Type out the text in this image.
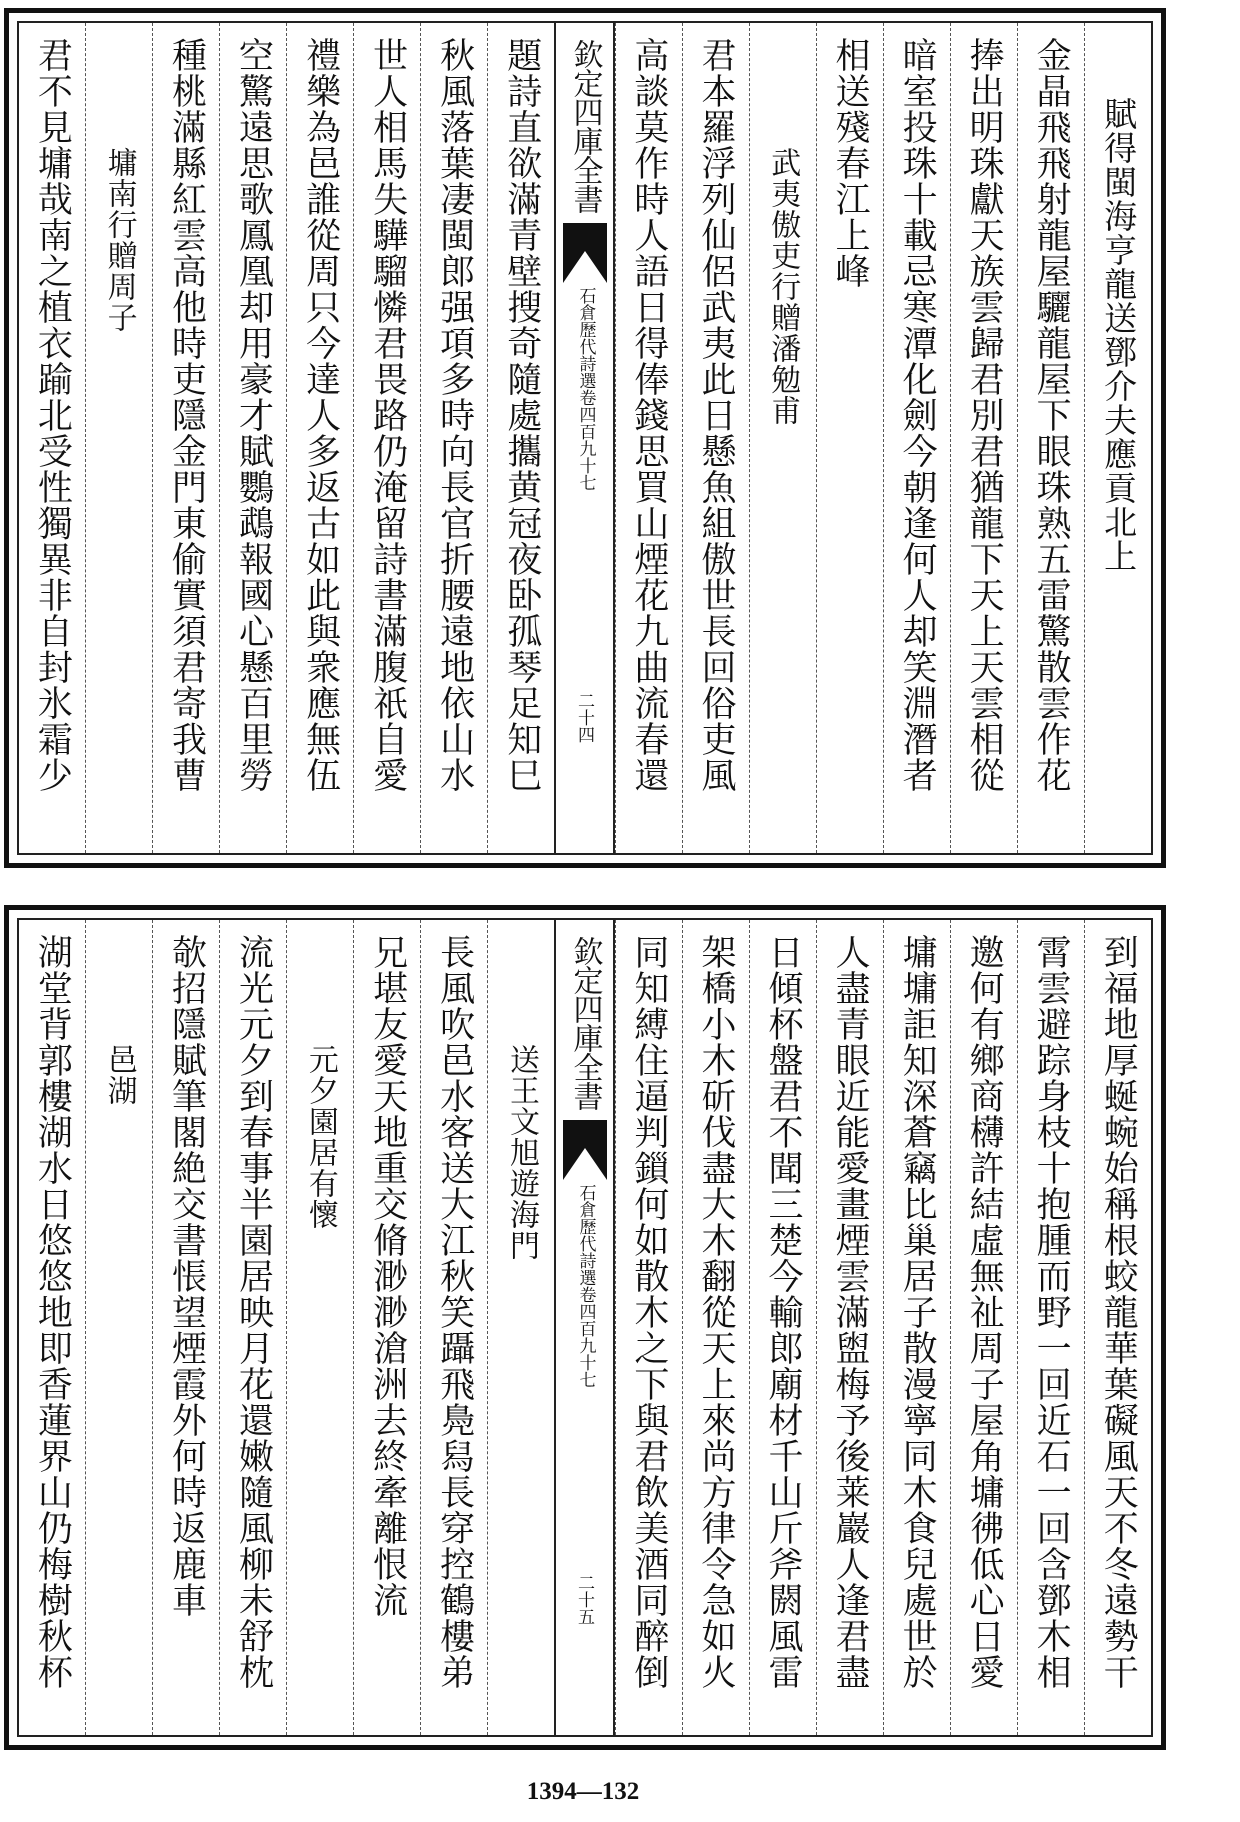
賦得閩海亨龍送鄧介夫應貢北上
金晶飛飛射龍屋驪龍屋下眼珠熟五雷驚散雲作花
捧出明珠獻天族雲歸君別君猶龍下天上天雲相從
暗室投珠十載忌寒潭化劍今朝逢何人却笑淵潛者
相送殘春江上峰
武夷傲吏行贈潘勉甫
君本羅浮列仙侶武夷此日懸魚組傲世長回俗吏風
高談莫作時人語日得俸錢思買山煙花九曲流春還
欽定四庫全書
石倉歷代詩選
卷四百九十七
二十四
題詩直欲滿青壁搜奇隨處攜黄冠夜卧孤琴足知巳
秋風落葉凄閩郎强項多時向長官折腰遠地依山水
世人相馬失驊騮憐君畏路仍淹留詩書滿腹祇自愛
禮樂為邑誰從周只今達人多返古如此與衆應無伍
空驚遠思歌鳳凰却用豪才賦鸚鵡報國心懸百里勞
種桃滿縣紅雲高他時吏隱金門東偷實須君寄我曹
墉南行贈周子
君不見墉哉南之植衣踰北受性獨異非自封氷霜少
到福地厚蜒蜿始稱根蛟龍華葉礙風天不冬遠勢干
霄雲避踪身枝十抱腫而野一回近石一回含鄧木相
邀何有鄉商欂許結虛無祉周子屋角墉彿低心日愛
墉墉詎知深蒼竊比巢居子散漫寧同木食兒處世於
人盡青眼近能愛畫煙雲滿盥梅予後莱巖人逢君盡
日傾杯盤君不聞三楚今輸郎廟材千山斤斧閼風雷
架橋小木斫伐盡大木翻從天上來尚方律令急如火
同知縛住逼判鎻何如散木之下與君飲美酒同醉倒
欽定四庫全書
石倉歷代詩選
卷四百九十七
二十五
送王文旭遊海門
長風吹邑水客送大江秋笑躡飛鳧舄長穿控鶴樓弟
兄堪友愛天地重交脩渺渺滄洲去終牽離恨流
元夕園居有懷
流光元夕到春事半園居映月花還嫩隨風柳未舒枕
欹招隱賦筆閣絶交書悵望煙霞外何時返鹿車
邑湖
湖堂背郭樓湖水日悠悠地即香蓮界山仍梅樹秋杯
1394—132
